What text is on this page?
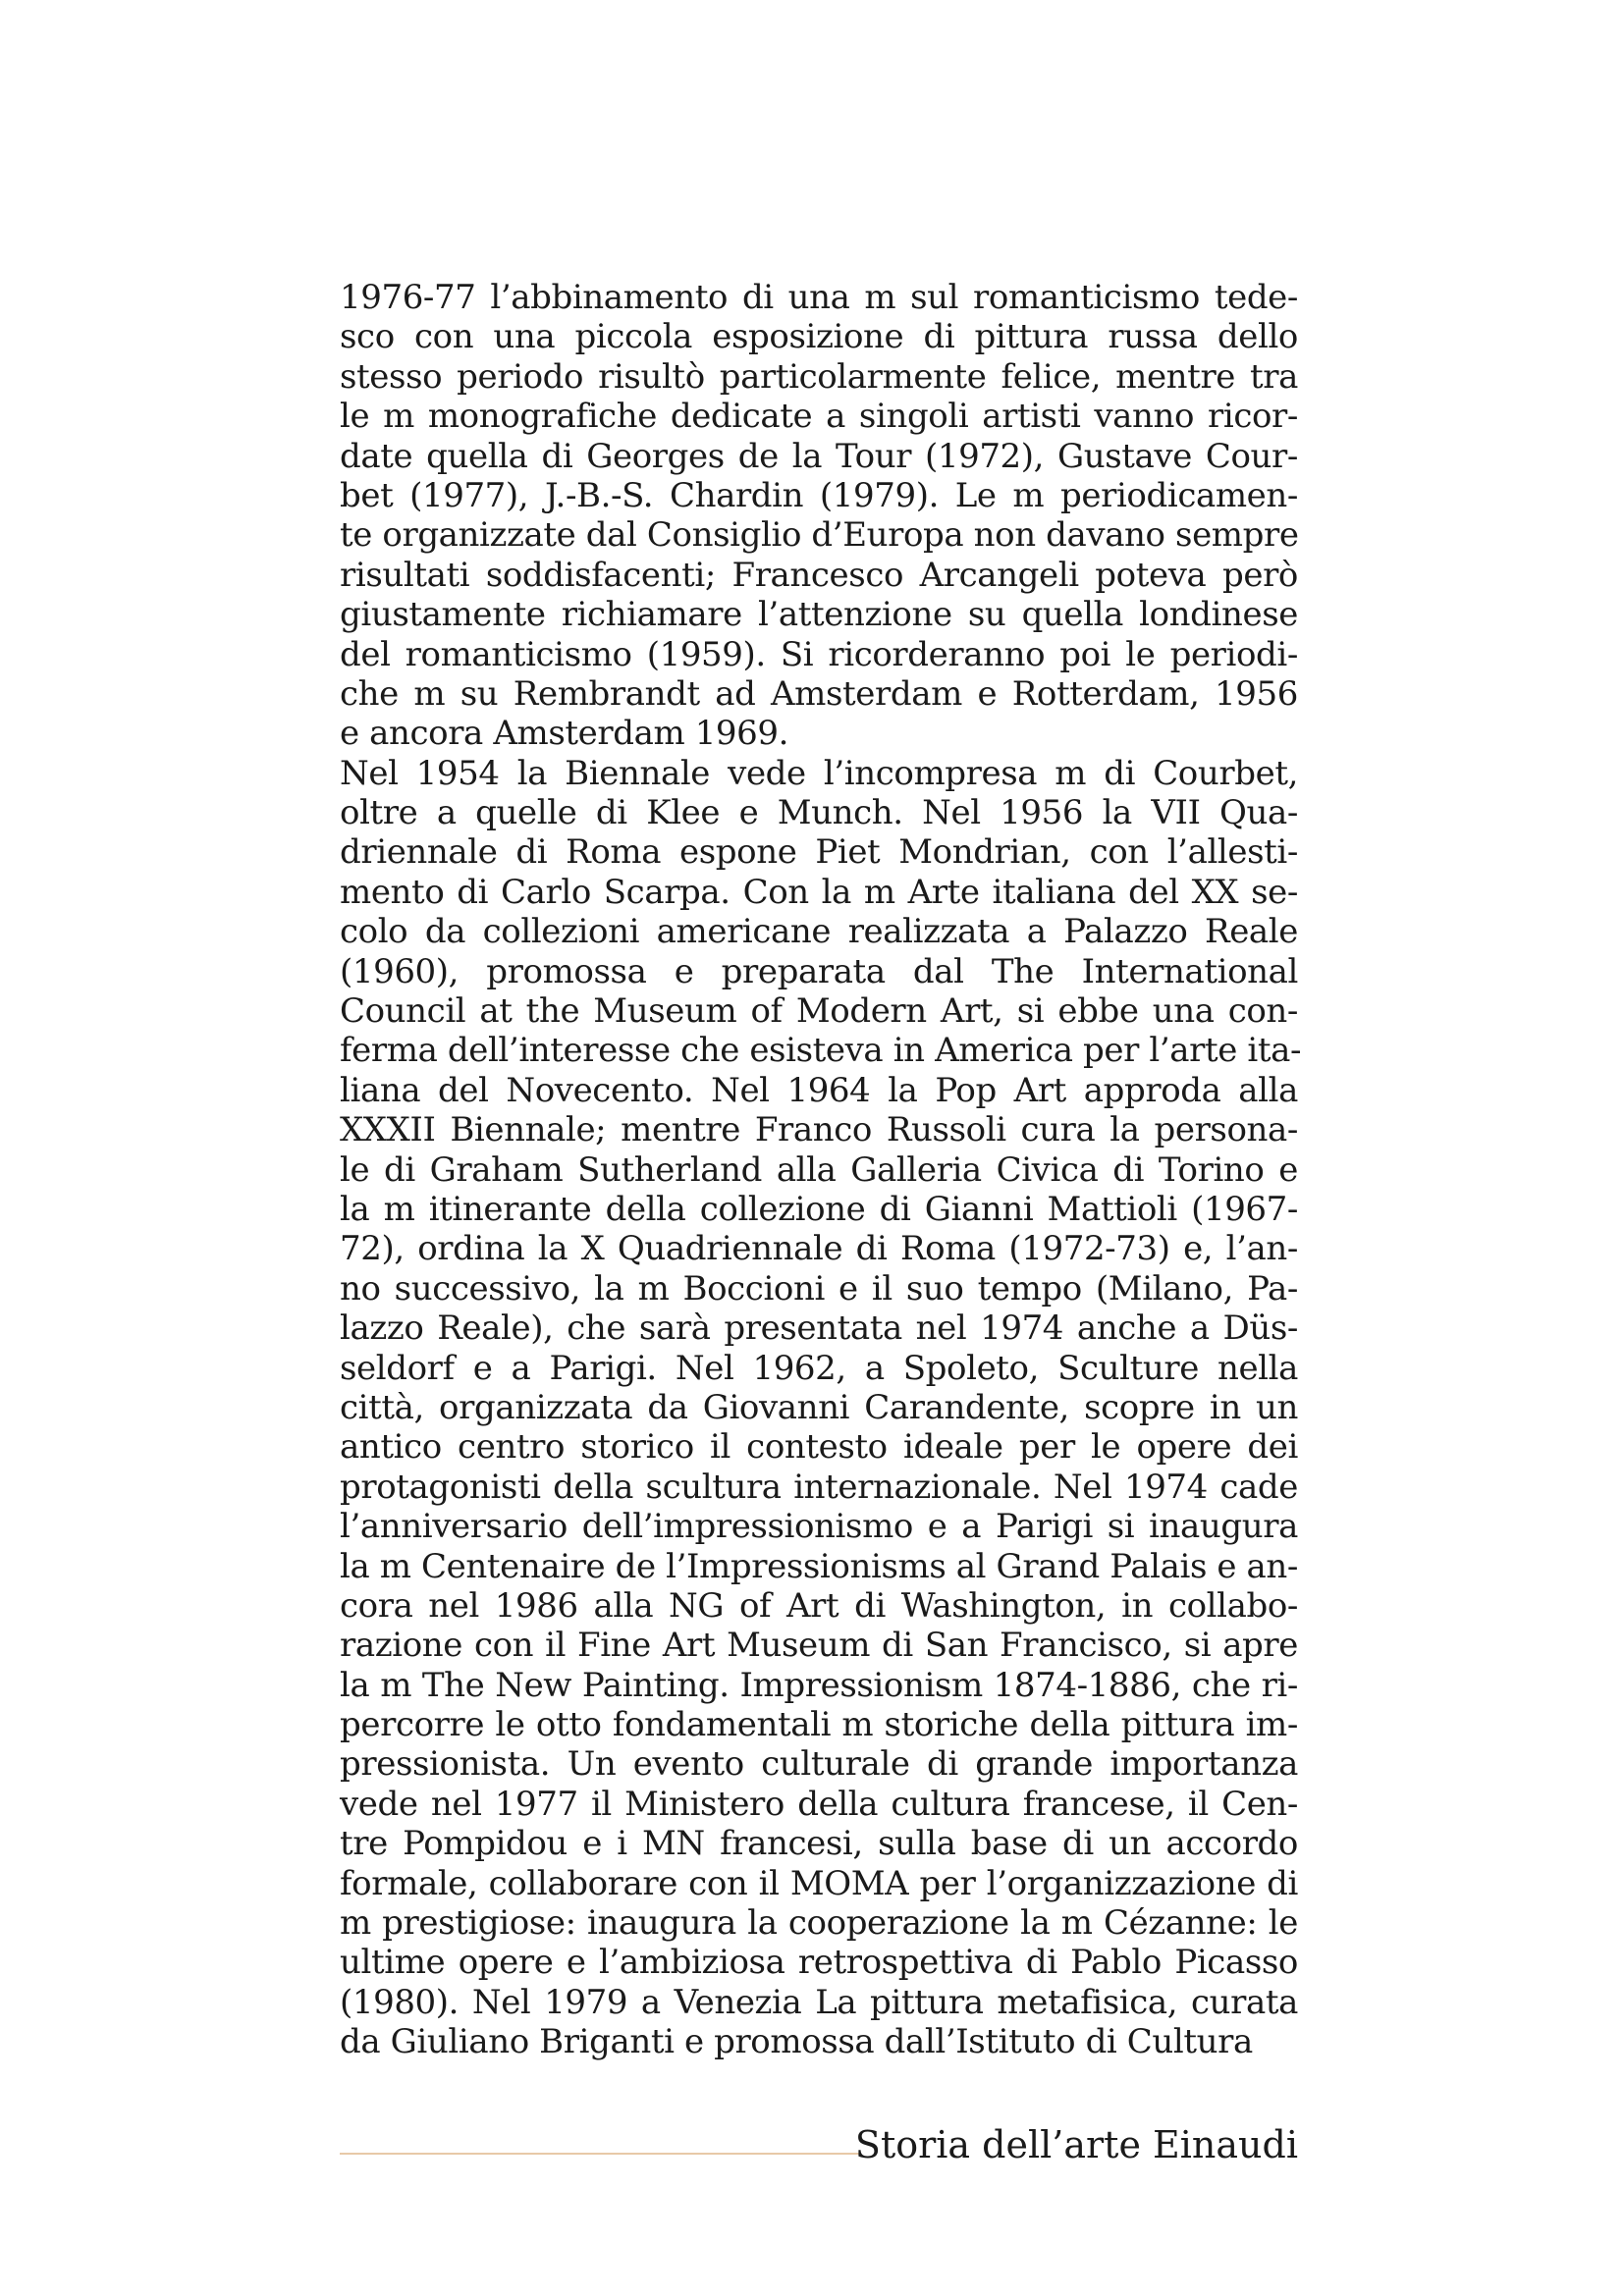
1976-77 l’abbinamento di una m sul romanticismo tede-
sco con una piccola esposizione di pittura russa dello
stesso periodo risultò particolarmente felice, mentre tra
le m monografiche dedicate a singoli artisti vanno ricor-
date quella di Georges de la Tour (1972), Gustave Cour-
bet (1977), J.-B.-S. Chardin (1979). Le m periodicamen-
te organizzate dal Consiglio d’Europa non davano sempre
risultati soddisfacenti; Francesco Arcangeli poteva però
giustamente richiamare l’attenzione su quella londinese
del romanticismo (1959). Si ricorderanno poi le periodi-
che m su Rembrandt ad Amsterdam e Rotterdam, 1956
e ancora Amsterdam 1969.
Nel 1954 la Biennale vede l’incompresa m di Courbet,
oltre a quelle di Klee e Munch. Nel 1956 la VII Qua-
driennale di Roma espone Piet Mondrian, con l’allesti-
mento di Carlo Scarpa. Con la m Arte italiana del XX se-
colo da collezioni americane realizzata a Palazzo Reale
(1960), promossa e preparata dal The International
Council at the Museum of Modern Art, si ebbe una con-
ferma dell’interesse che esisteva in America per l’arte ita-
liana del Novecento. Nel 1964 la Pop Art approda alla
XXXII Biennale; mentre Franco Russoli cura la persona-
le di Graham Sutherland alla Galleria Civica di Torino e
la m itinerante della collezione di Gianni Mattioli (1967-
72), ordina la X Quadriennale di Roma (1972-73) e, l’an-
no successivo, la m Boccioni e il suo tempo (Milano, Pa-
lazzo Reale), che sarà presentata nel 1974 anche a Düs-
seldorf e a Parigi. Nel 1962, a Spoleto, Sculture nella
città, organizzata da Giovanni Carandente, scopre in un
antico centro storico il contesto ideale per le opere dei
protagonisti della scultura internazionale. Nel 1974 cade
l’anniversario dell’impressionismo e a Parigi si inaugura
la m Centenaire de l’Impressionisms al Grand Palais e an-
cora nel 1986 alla NG of Art di Washington, in collabo-
razione con il Fine Art Museum di San Francisco, si apre
la m The New Painting. Impressionism 1874-1886, che ri-
percorre le otto fondamentali m storiche della pittura im-
pressionista. Un evento culturale di grande importanza
vede nel 1977 il Ministero della cultura francese, il Cen-
tre Pompidou e i MN francesi, sulla base di un accordo
formale, collaborare con il MOMA per l’organizzazione di
m prestigiose: inaugura la cooperazione la m Cézanne: le
ultime opere e l’ambiziosa retrospettiva di Pablo Picasso
(1980). Nel 1979 a Venezia La pittura metafisica, curata
da Giuliano Briganti e promossa dall’Istituto di Cultura
Storia dell’arte Einaudi
